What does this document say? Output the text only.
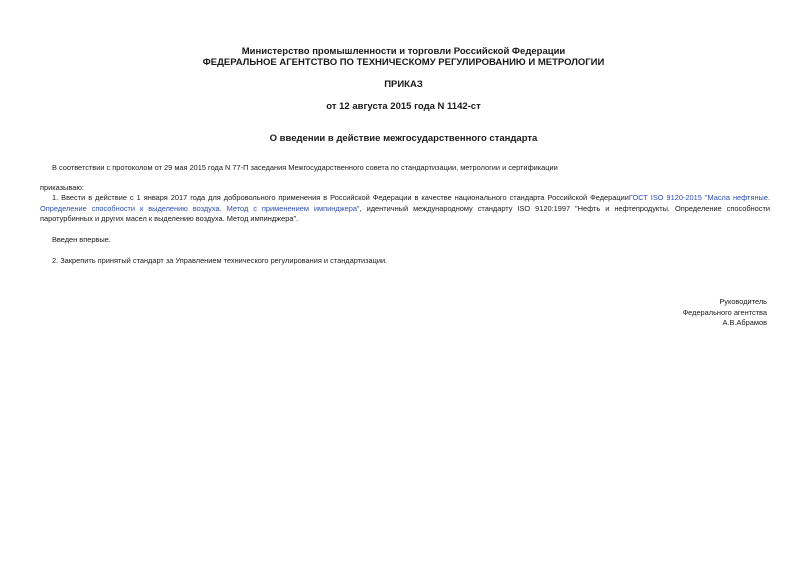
Министерство промышленности и торговли Российской Федерации

ФЕДЕРАЛЬНОЕ АГЕНТСТВО ПО ТЕХНИЧЕСКОМУ РЕГУЛИРОВАНИЮ И МЕТРОЛОГИИ

ПРИКАЗ
от 12 августа 2015 года N 1142-ст
О введении в действие межгосударственного стандарта
В соответствии с протоколом от 29 мая 2015 года N 77-П заседания Межгосударственного совета по стандартизации, метрологии и сертификации
приказываю:
1. Ввести в действие с 1 января 2017 года для добровольного применения в Российской Федерации в качестве национального стандарта Российской ФедерацииГОСТ ISO 9120-2015 "Масла нефтяные. Определение способности к выделению воздуха. Метод с применением импинджера", идентичный международному стандарту ISO 9120:1997 "Нефть и нефтепродукты. Определение способности паротурбинных и других масел к выделению воздуха. Метод импинджера".
Введен впервые.
2. Закрепить принятый стандарт за Управлением технического регулирования и стандартизации.
Руководитель
Федерального агентства
А.В.Абрамов
